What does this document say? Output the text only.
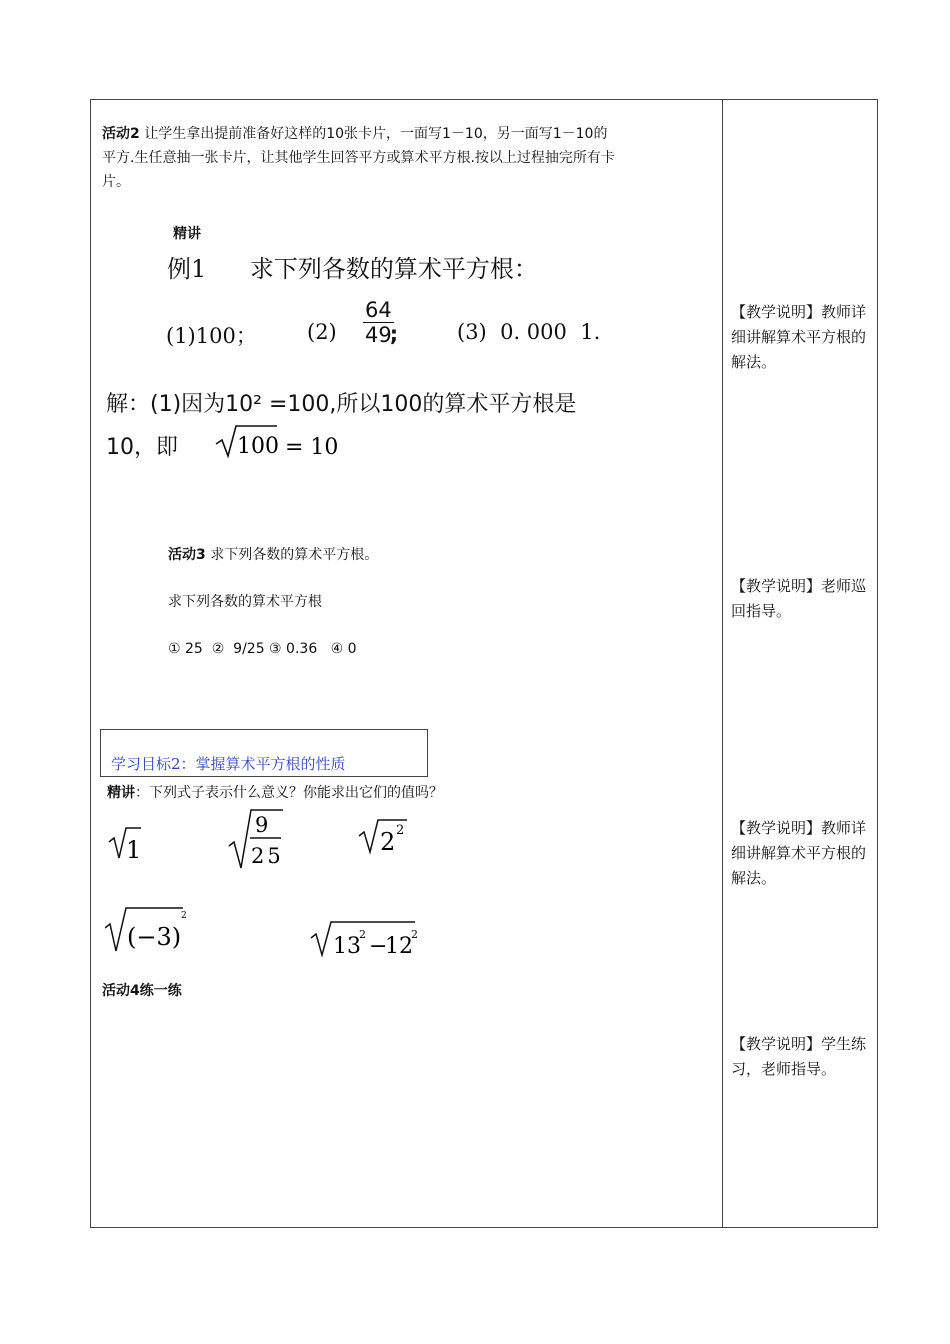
活动2 让学生拿出提前准备好这样的10张卡片，一面写1－10，另一面写1－10的
平方.生任意抽一张卡片，让其他学生回答平方或算术平方根.按以上过程抽完所有卡
片。
精讲
例1 求下列各数的算术平方根：
(1)100； $(2) \frac{64}{49}$
;	(3)  0. 000  1.
解：(1)因为10² =100,所以100的算术平方根是
10，即	100 = 10
活动3 求下列各数的算术平方根。
求下列各数的算术平方根
① 25  ②  9/25 ③ 0.36   ④ 0
学习目标2：掌握算术平方根的性质
精讲：下列式子表示什么意义？你能求出它们的值吗？
1
9
25	2 2
(−3)
2
13
2 −
12
2
活动4练一练
【教学说明】教师详细讲解算术平方根的解法。
【教学说明】老师巡回指导。
【教学说明】教师详细讲解算术平方根的解法。
【教学说明】学生练习，老师指导。
